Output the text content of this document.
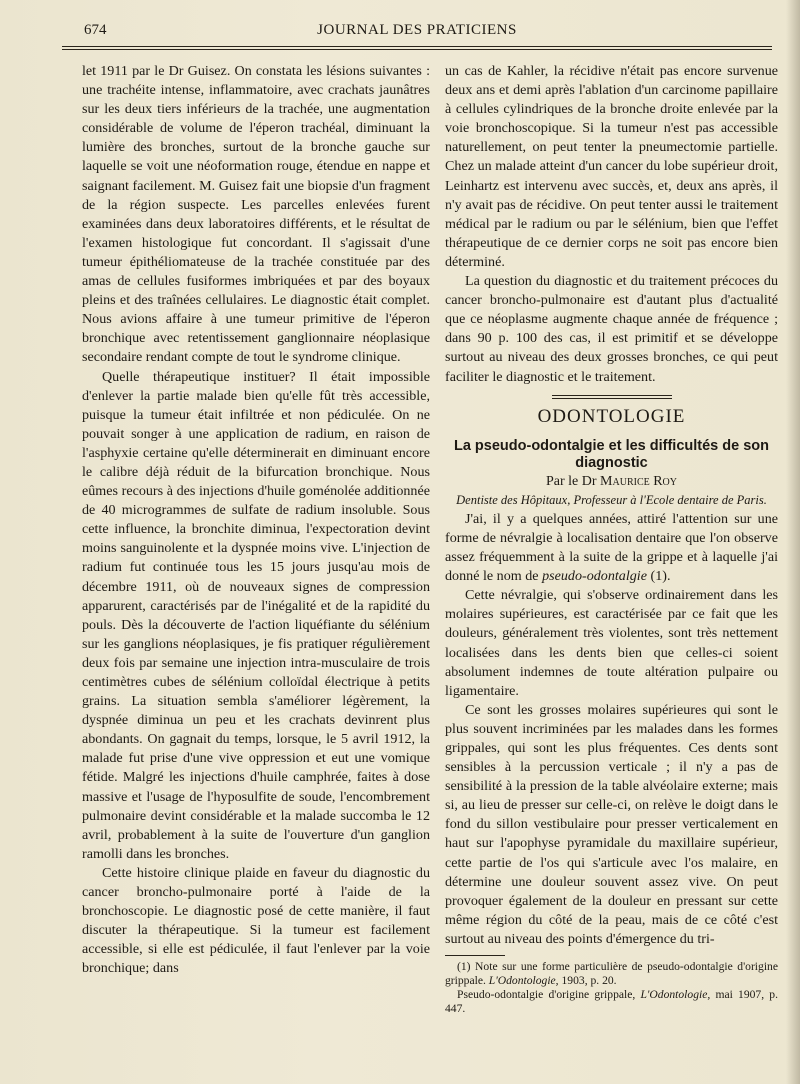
674	JOURNAL DES PRATICIENS

let 1911 par le Dr Guisez. On constata les lésions suivantes : une trachéite intense, inflammatoire, avec crachats jaunâtres sur les deux tiers inférieurs de la trachée, une augmentation considérable de volume de l'éperon trachéal, diminuant la lumière des bronches, surtout de la bronche gauche sur laquelle se voit une néoformation rouge, étendue en nappe et saignant facilement. M. Guisez fait une biopsie d'un fragment de la région suspecte. Les parcelles enlevées furent examinées dans deux laboratoires différents, et le résultat de l'examen histologique fut concordant. Il s'agissait d'une tumeur épithéliomateuse de la trachée constituée par des amas de cellules fusiformes imbriquées et par des boyaux pleins et des traînées cellulaires. Le diagnostic était complet. Nous avions affaire à une tumeur primitive de l'éperon bronchique avec retentissement ganglionnaire néoplasique secondaire rendant compte de tout le syndrome clinique.

Quelle thérapeutique instituer? Il était impossible d'enlever la partie malade bien qu'elle fût très accessible, puisque la tumeur était infiltrée et non pédiculée. On ne pouvait songer à une application de radium, en raison de l'asphyxie certaine qu'elle déterminerait en diminuant encore le calibre déjà réduit de la bifurcation bronchique. Nous eûmes recours à des injections d'huile goménolée additionnée de 40 microgrammes de sulfate de radium insoluble. Sous cette influence, la bronchite diminua, l'expectoration devint moins sanguinolente et la dyspnée moins vive. L'injection de radium fut continuée tous les 15 jours jusqu'au mois de décembre 1911, où de nouveaux signes de compression apparurent, caractérisés par de l'inégalité et de la rapidité du pouls. Dès la découverte de l'action liquéfiante du sélénium sur les ganglions néoplasiques, je fis pratiquer régulièrement deux fois par semaine une injection intra-musculaire de trois centimètres cubes de sélénium colloïdal électrique à petits grains. La situation sembla s'améliorer légèrement, la dyspnée diminua un peu et les crachats devinrent plus abondants. On gagnait du temps, lorsque, le 5 avril 1912, la malade fut prise d'une vive oppression et eut une vomique fétide. Malgré les injections d'huile camphrée, faites à dose massive et l'usage de l'hyposulfite de soude, l'encombrement pulmonaire devint considérable et la malade succomba le 12 avril, probablement à la suite de l'ouverture d'un ganglion ramolli dans les bronches.

Cette histoire clinique plaide en faveur du diagnostic du cancer broncho-pulmonaire porté à l'aide de la bronchoscopie. Le diagnostic posé de cette manière, il faut discuter la thérapeutique. Si la tumeur est facilement accessible, si elle est pédiculée, il faut l'enlever par la voie bronchique; dans

un cas de Kahler, la récidive n'était pas encore survenue deux ans et demi après l'ablation d'un carcinome papillaire à cellules cylindriques de la bronche droite enlevée par la voie bronchoscopique. Si la tumeur n'est pas accessible naturellement, on peut tenter la pneumectomie partielle. Chez un malade atteint d'un cancer du lobe supérieur droit, Leinhartz est intervenu avec succès, et, deux ans après, il n'y avait pas de récidive. On peut tenter aussi le traitement médical par le radium ou par le sélénium, bien que l'effet thérapeutique de ce dernier corps ne soit pas encore bien déterminé.

La question du diagnostic et du traitement précoces du cancer broncho-pulmonaire est d'autant plus d'actualité que ce néoplasme augmente chaque année de fréquence ; dans 90 p. 100 des cas, il est primitif et se développe surtout au niveau des deux grosses bronches, ce qui peut faciliter le diagnostic et le traitement.

ODONTOLOGIE

La pseudo-odontalgie et les difficultés de son diagnostic

Par le Dr Maurice Roy

Dentiste des Hôpitaux, Professeur à l'Ecole dentaire de Paris.

J'ai, il y a quelques années, attiré l'attention sur une forme de névralgie à localisation dentaire que l'on observe assez fréquemment à la suite de la grippe et à laquelle j'ai donné le nom de pseudo-odontalgie (1).

Cette névralgie, qui s'observe ordinairement dans les molaires supérieures, est caractérisée par ce fait que les douleurs, généralement très violentes, sont très nettement localisées dans les dents bien que celles-ci soient absolument indemnes de toute altération pulpaire ou ligamentaire.

Ce sont les grosses molaires supérieures qui sont le plus souvent incriminées par les malades dans les formes grippales, qui sont les plus fréquentes. Ces dents sont sensibles à la percussion verticale ; il n'y a pas de sensibilité à la pression de la table alvéolaire externe; mais si, au lieu de presser sur celle-ci, on relève le doigt dans le fond du sillon vestibulaire pour presser verticalement en haut sur l'apophyse pyramidale du maxillaire supérieur, cette partie de l'os qui s'articule avec l'os malaire, en détermine une douleur souvent assez vive. On peut provoquer également de la douleur en pressant sur cette même région du côté de la peau, mais de ce côté c'est surtout au niveau des points d'émergence du tri-

(1) Note sur une forme particulière de pseudo-odontalgie d'origine grippale. L'Odontologie, 1903, p. 20.

Pseudo-odontalgie d'origine grippale, L'Odontologie, mai 1907, p. 447.
